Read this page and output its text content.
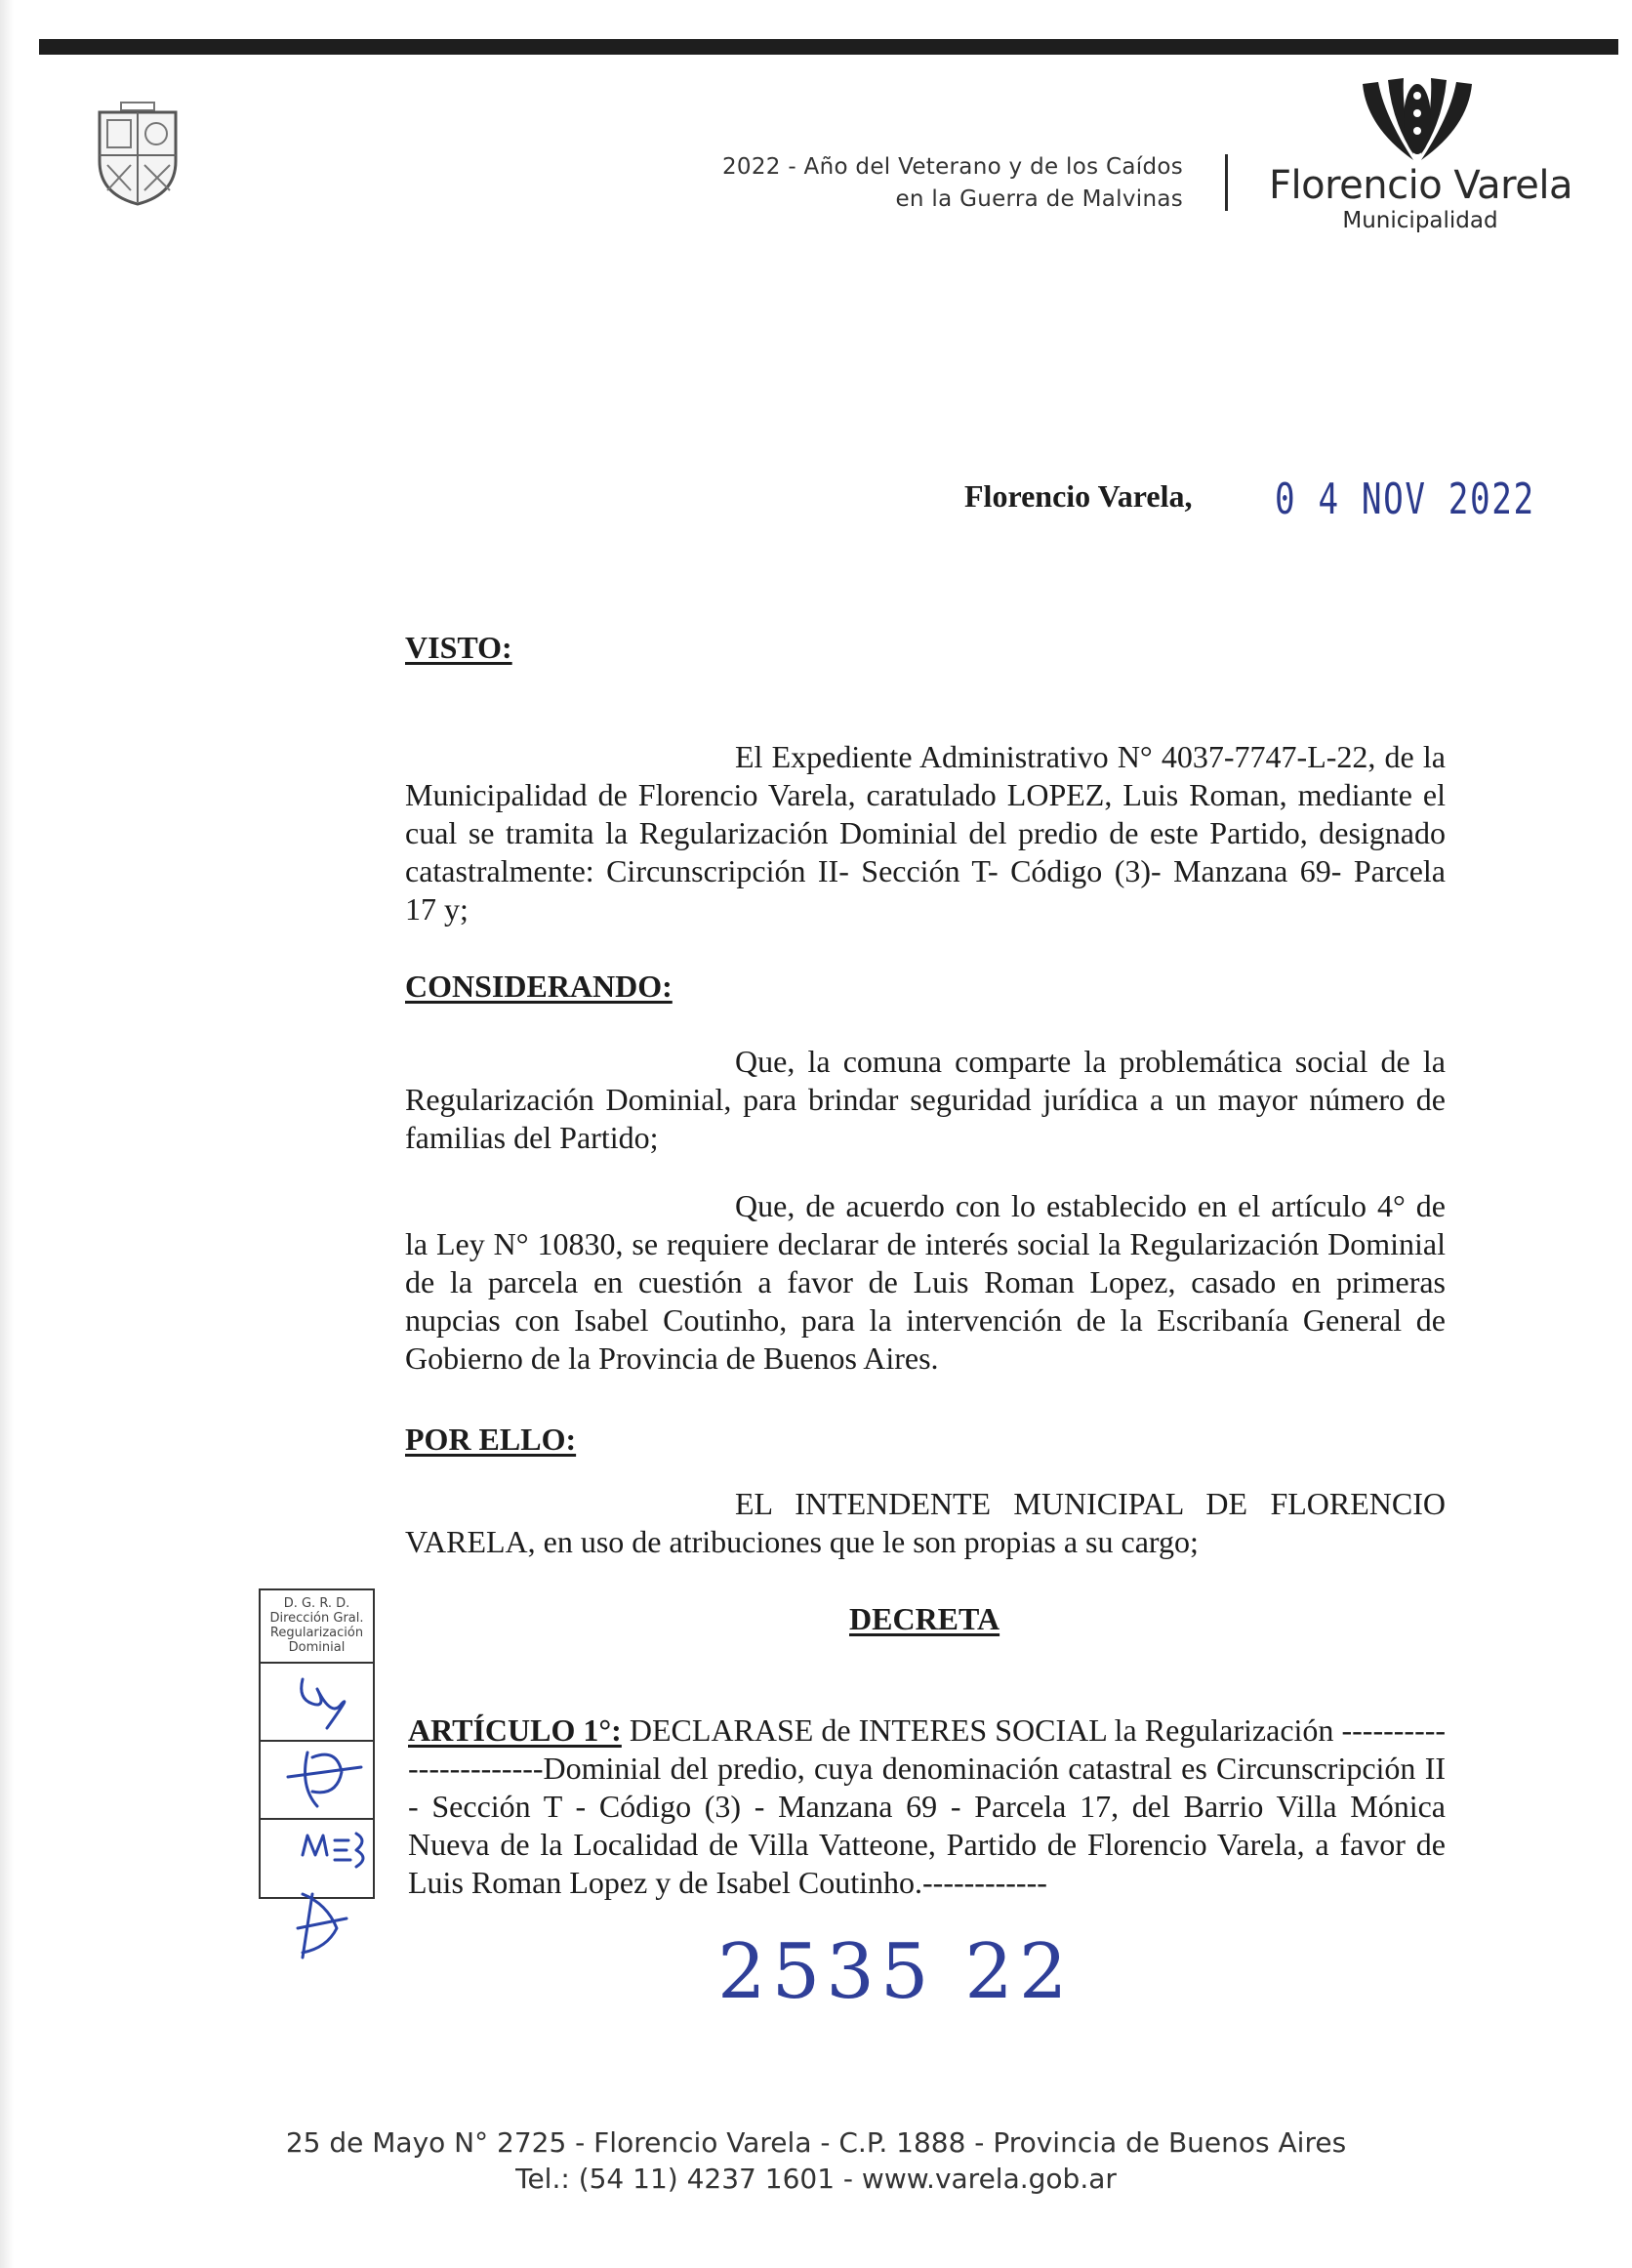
2022 - Año del Veterano y de los Caídos
en la Guerra de Malvinas Florencio Varela
Municipalidad
Florencio Varela, 0 4 NOV 2022
VISTO:
El Expediente Administrativo N° 4037-7747-L-22, de la Municipalidad de Florencio Varela, caratulado LOPEZ, Luis Roman, mediante el cual se tramita la Regularización Dominial del predio de este Partido, designado catastralmente: Circunscripción II- Sección T- Código (3)- Manzana 69- Parcela 17 y;
CONSIDERANDO:
Que, la comuna comparte la problemática social de la Regularización Dominial, para brindar seguridad jurídica a un mayor número de familias del Partido;
Que, de acuerdo con lo establecido en el artículo 4° de la Ley N° 10830, se requiere declarar de interés social la Regularización Dominial de la parcela en cuestión a favor de Luis Roman Lopez, casado en primeras nupcias con Isabel Coutinho, para la intervención de la Escribanía General de Gobierno de la Provincia de Buenos Aires.
POR ELLO:
EL INTENDENTE MUNICIPAL DE FLORENCIO VARELA, en uso de atribuciones que le son propias a su cargo;
DECRETA
ARTÍCULO 1°: DECLARASE de INTERES SOCIAL la Regularización -----------------------Dominial del predio, cuya denominación catastral es Circunscripción II - Sección T - Código (3) - Manzana 69 - Parcela 17, del Barrio Villa Mónica Nueva de la Localidad de Villa Vatteone, Partido de Florencio Varela, a favor de Luis Roman Lopez y de Isabel Coutinho.------------
D. G. R. D.
Dirección Gral.
Regularización
Dominial
2535 22
25 de Mayo N° 2725 - Florencio Varela - C.P. 1888 - Provincia de Buenos Aires
Tel.: (54 11) 4237 1601 - www.varela.gob.ar
